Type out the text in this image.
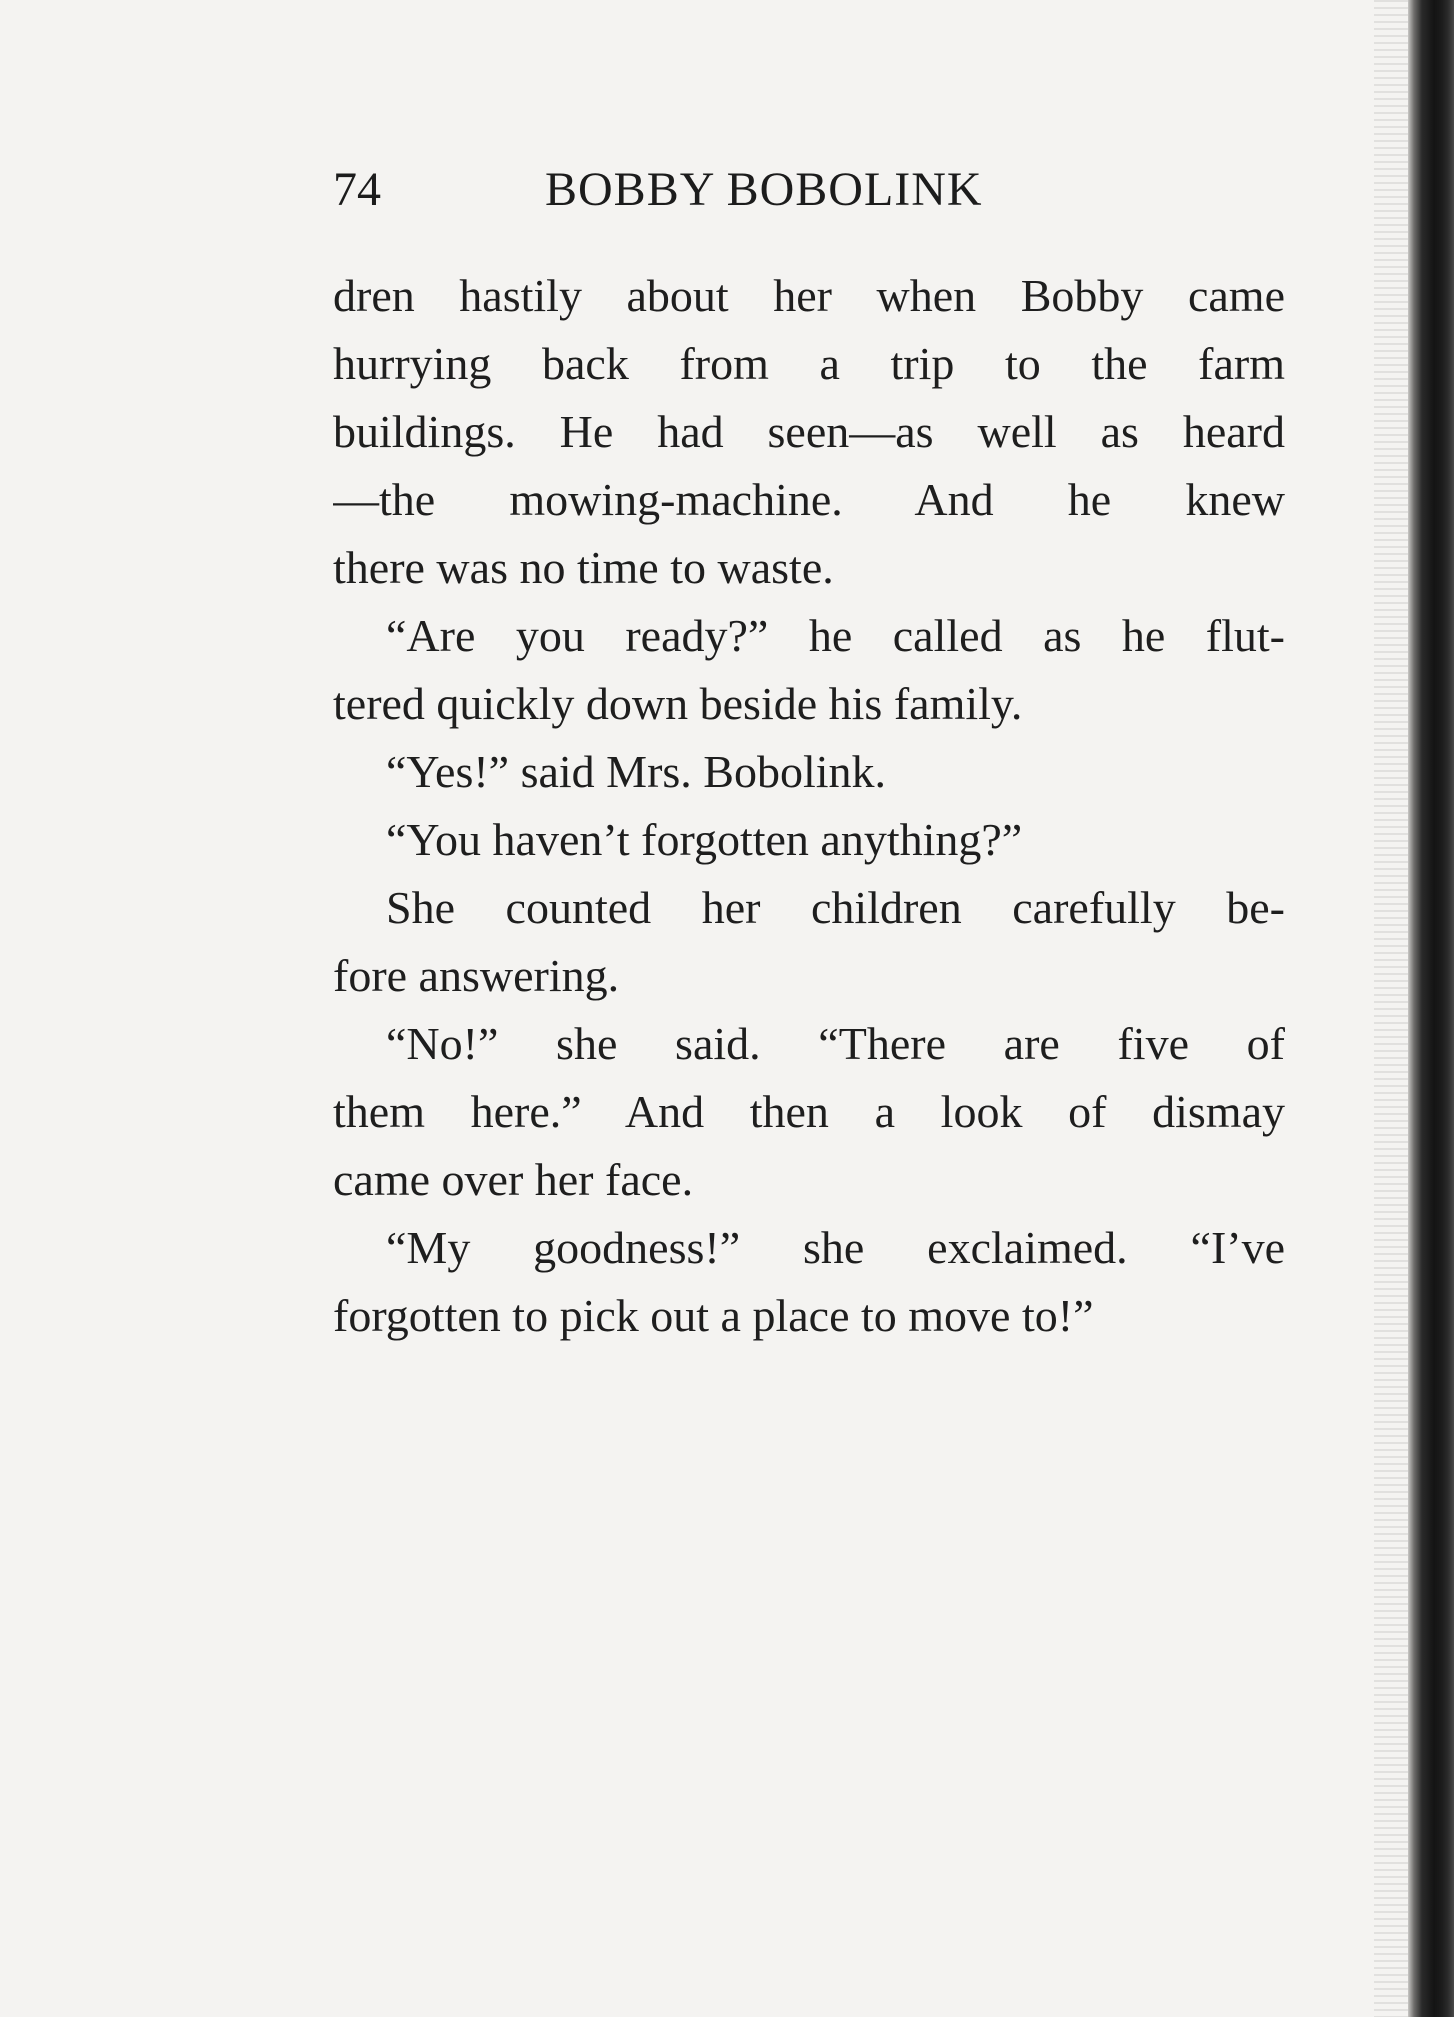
74	BOBBY BOBOLINK
dren hastily about her when Bobby came
hurrying back from a trip to the farm
buildings. He had seen—as well as heard
—the mowing-machine. And he knew
there was no time to waste.
“Are you ready?” he called as he flut-
tered quickly down beside his family.
“Yes!” said Mrs. Bobolink.
“You haven’t forgotten anything?”
She counted her children carefully be-
fore answering.
“No!” she said. “There are five of
them here.” And then a look of dismay
came over her face.
“My goodness!” she exclaimed. “I’ve
forgotten to pick out a place to move to!”
